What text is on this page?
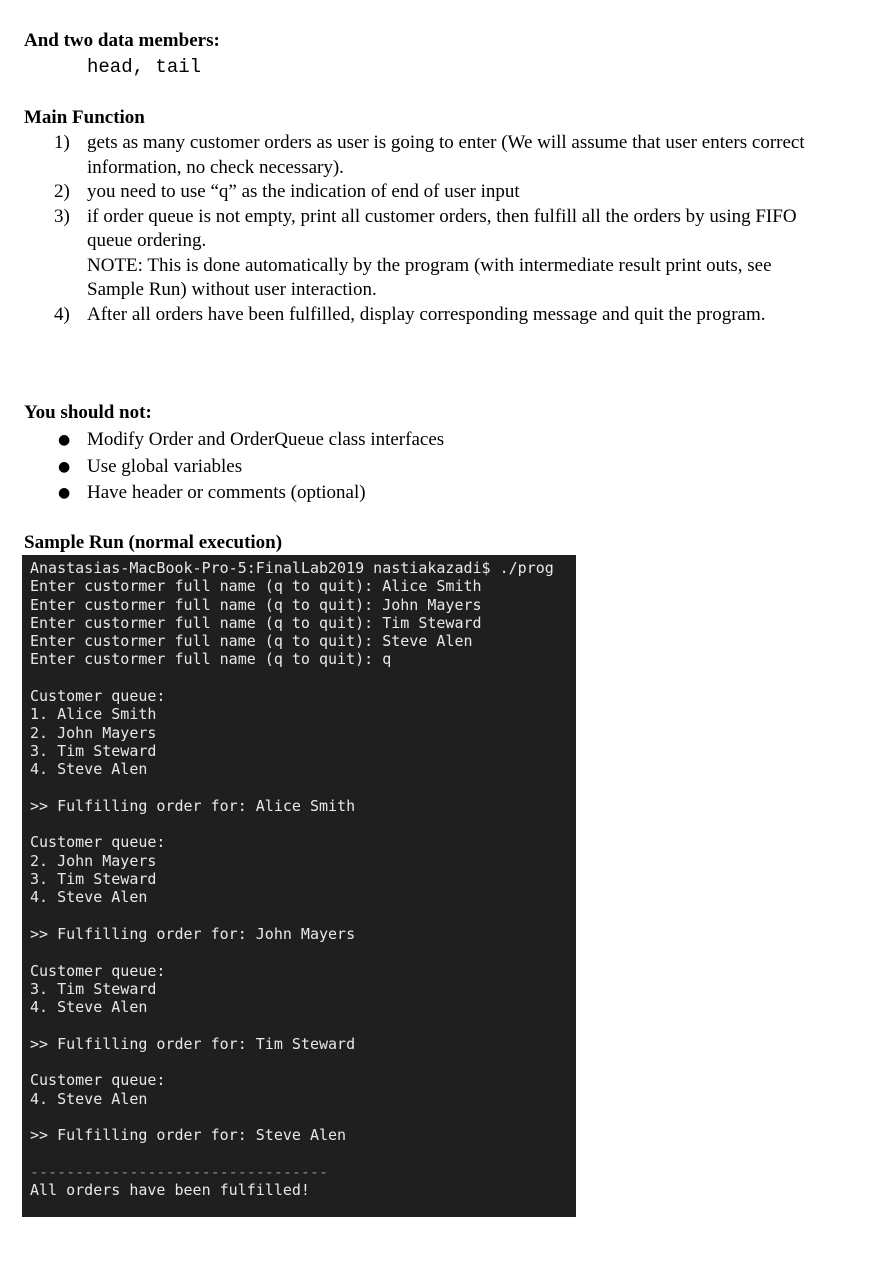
And two data members:
head, tail
Main Function
1) gets as many customer orders as user is going to enter (We will assume that user enters correct information, no check necessary).
2) you need to use “q” as the indication of end of user input
3) if order queue is not empty, print all customer orders, then fulfill all the orders by using FIFO queue ordering.
NOTE: This is done automatically by the program (with intermediate result print outs, see Sample Run) without user interaction.
4) After all orders have been fulfilled, display corresponding message and quit the program.
You should not:
● Modify Order and OrderQueue class interfaces
● Use global variables
● Have header or comments (optional)
Sample Run (normal execution)
Anastasias-MacBook-Pro-5:FinalLab2019 nastiakazadi$ ./prog
Enter custormer full name (q to quit): Alice Smith
Enter custormer full name (q to quit): John Mayers
Enter custormer full name (q to quit): Tim Steward
Enter custormer full name (q to quit): Steve Alen
Enter custormer full name (q to quit): q
Customer queue:
1. Alice Smith
2. John Mayers
3. Tim Steward
4. Steve Alen
>> Fulfilling order for: Alice Smith
Customer queue:
2. John Mayers
3. Tim Steward
4. Steve Alen
>> Fulfilling order for: John Mayers
Customer queue:
3. Tim Steward
4. Steve Alen
>> Fulfilling order for: Tim Steward
Customer queue:
4. Steve Alen
>> Fulfilling order for: Steve Alen
---------------------------------
All orders have been fulfilled!
